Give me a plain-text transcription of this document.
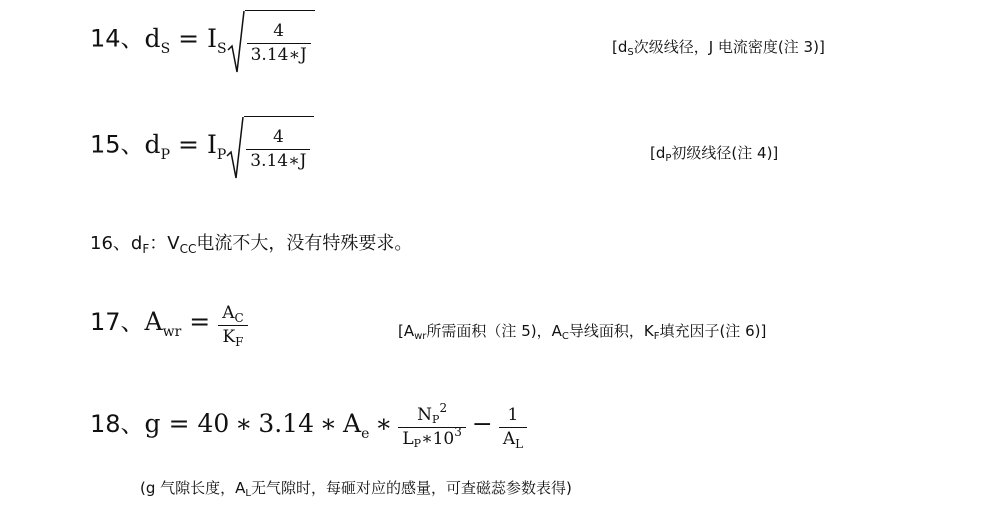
14、$d_S = I_S \frac{4}{3.14∗J}$	[$d_S$次级线径，J 电流密度(注 3)]
15、$d_P = I_P \frac{4}{3.14∗J}$	[$d_P$初级线径(注 4)]
16、$d_F$：$V_{CC}$电流不大，没有特殊要求。
17、$A_{wr} = \frac{A_C}{K_F}$	[$A_{wr}$所需面积（注 5)，$A_C$导线面积，$K_F$填充因子(注 6)]
18、g = 40 ∗ 3.14 ∗ $A_e$ ∗ $\frac{N_P^2}{L_P∗10^3} - \frac{1}{A_L}$
(g 气隙长度，$A_L$无气隙时，每砸对应的感量，可查磁蕊参数表得)
